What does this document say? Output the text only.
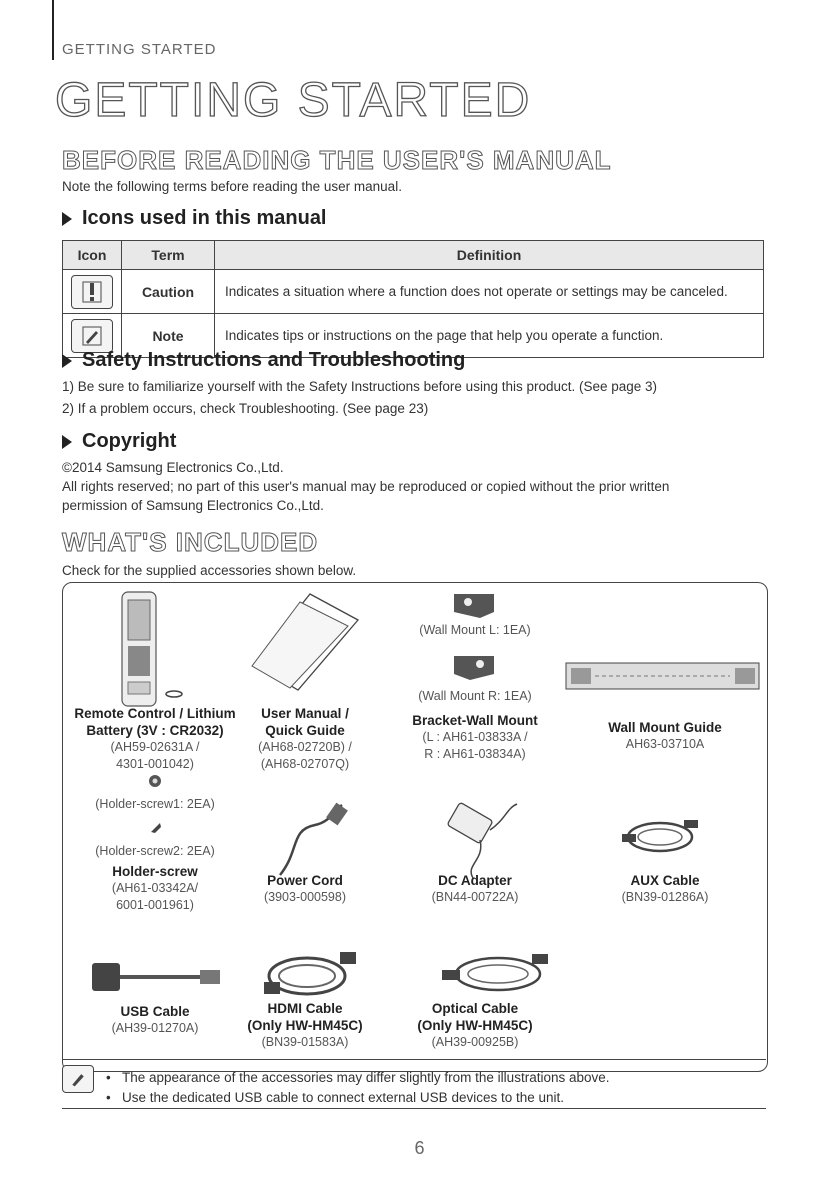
GETTING STARTED
GETTING STARTED
BEFORE READING THE USER'S MANUAL
Note the following terms before reading the user manual.
Icons used in this manual
Icon	Term	Definition

	Caution	Indicates a situation where a function does not operate or settings may be canceled.

	Note	Indicates tips or instructions on the page that help you operate a function.
Safety Instructions and Troubleshooting
1) Be sure to familiarize yourself with the Safety Instructions before using this product. (See page 3)
2) If a problem occurs, check Troubleshooting. (See page 23)
Copyright
©2014 Samsung Electronics Co.,Ltd.
All rights reserved; no part of this user's manual may be reproduced or copied without the prior written
permission of Samsung Electronics Co.,Ltd.
WHAT'S INCLUDED
Check for the supplied accessories shown below.
Remote Control / Lithium
Battery (3V : CR2032)
(AH59-02631A /
4301-001042)
(Holder-screw1: 2EA)
(Holder-screw2: 2EA)
Holder-screw
(AH61-03342A/
6001-001961)
USB Cable
(AH39-01270A)
User Manual /
Quick Guide
(AH68-02720B) /
(AH68-02707Q)
Power Cord
(3903-000598)
HDMI Cable
(Only HW-HM45C)
(BN39-01583A)
(Wall Mount L: 1EA)
(Wall Mount R: 1EA)
Bracket-Wall Mount
(L : AH61-03833A /
R : AH61-03834A)
DC Adapter
(BN44-00722A)
Optical Cable
(Only HW-HM45C)
(AH39-00925B)
Wall Mount Guide
AH63-03710A
AUX Cable
(BN39-01286A)
• The appearance of the accessories may differ slightly from the illustrations above.
• Use the dedicated USB cable to connect external USB devices to the unit.
6
